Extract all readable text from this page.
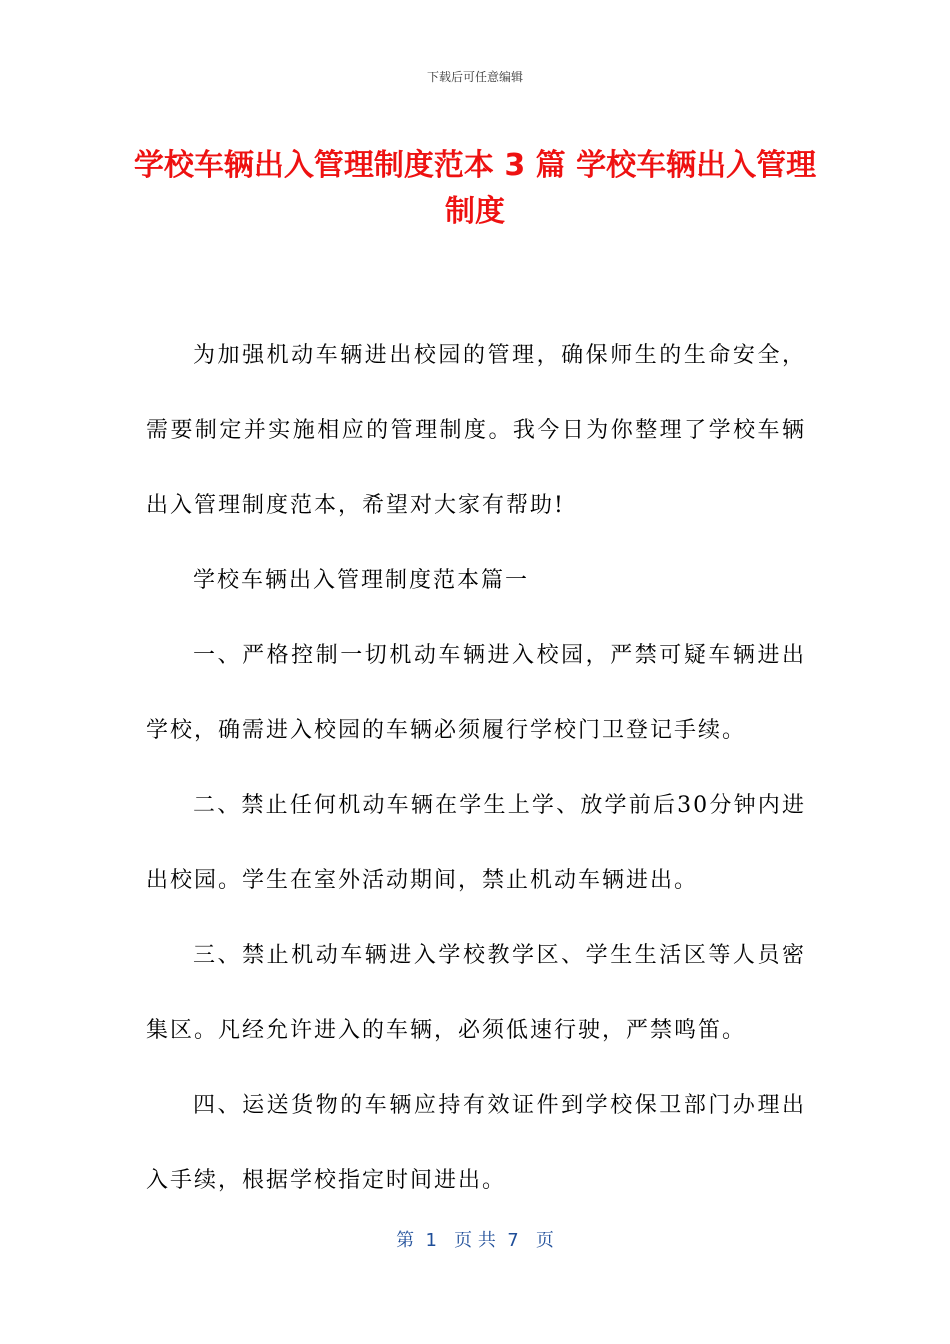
下载后可任意编辑
学校车辆出入管理制度范本 3 篇 学校车辆出入管理制度

为加强机动车辆进出校园的管理，确保师生的生命安全，需要制定并实施相应的管理制度。我今日为你整理了学校车辆出入管理制度范本，希望对大家有帮助!

学校车辆出入管理制度范本篇一

一、严格控制一切机动车辆进入校园，严禁可疑车辆进出学校，确需进入校园的车辆必须履行学校门卫登记手续。

二、禁止任何机动车辆在学生上学、放学前后30分钟内进出校园。学生在室外活动期间，禁止机动车辆进出。

三、禁止机动车辆进入学校教学区、学生生活区等人员密集区。凡经允许进入的车辆，必须低速行驶，严禁鸣笛。

四、运送货物的车辆应持有效证件到学校保卫部门办理出入手续，根据学校指定时间进出。

第  1   页 共  7   页
